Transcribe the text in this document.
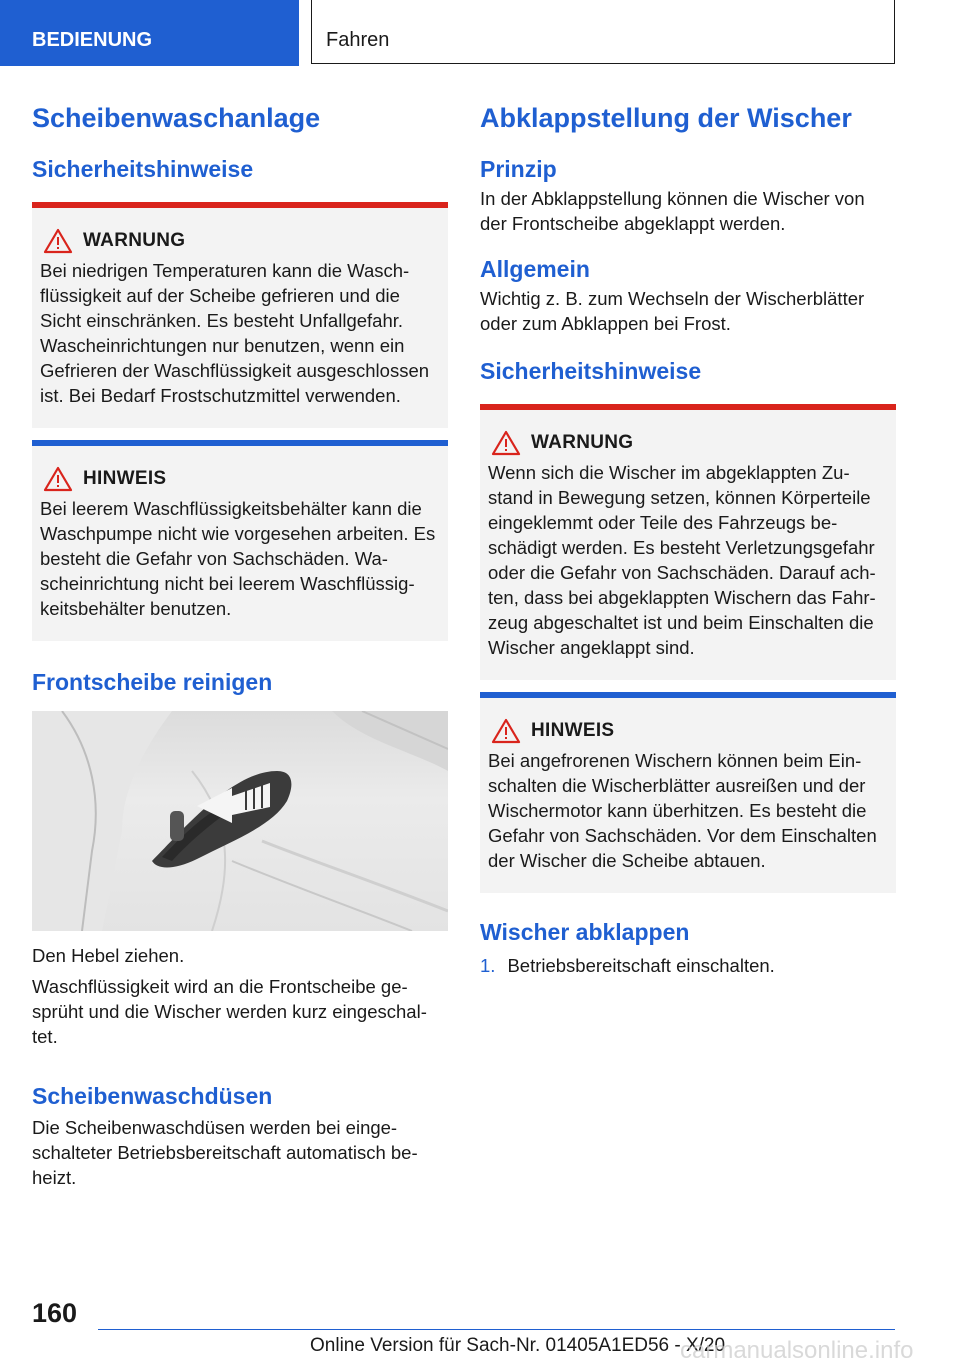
BEDIENUNG	Fahren
Scheibenwaschanlage
Sicherheitshinweise
WARNUNG

Bei niedrigen Temperaturen kann die Wasch-flüssigkeit auf der Scheibe gefrieren und die Sicht einschränken. Es besteht Unfallgefahr. Wascheinrichtungen nur benutzen, wenn ein Gefrieren der Waschflüssigkeit ausgeschlossen ist. Bei Bedarf Frostschutzmittel verwenden.

HINWEIS

Bei leerem Waschflüssigkeitsbehälter kann die Waschpumpe nicht wie vorgesehen arbeiten. Es besteht die Gefahr von Sachschäden. Wa-scheinrichtung nicht bei leerem Waschflüssig-keitsbehälter benutzen.

Frontscheibe reinigen

Den Hebel ziehen.

Waschflüssigkeit wird an die Frontscheibe ge-sprüht und die Wischer werden kurz eingeschal-tet.

Scheibenwaschdüsen

Die Scheibenwaschdüsen werden bei einge-schalteter Betriebsbereitschaft automatisch be-heizt.

Abklappstellung der Wischer
Prinzip

In der Abklappstellung können die Wischer von der Frontscheibe abgeklappt werden.

Allgemein

Wichtig z. B. zum Wechseln der Wischerblätter oder zum Abklappen bei Frost.

Sicherheitshinweise
WARNUNG

Wenn sich die Wischer im abgeklappten Zu-stand in Bewegung setzen, können Körperteile eingeklemmt oder Teile des Fahrzeugs be-schädigt werden. Es besteht Verletzungsgefahr oder die Gefahr von Sachschäden. Darauf ach-ten, dass bei abgeklappten Wischern das Fahr-zeug abgeschaltet ist und beim Einschalten die Wischer angeklappt sind.

HINWEIS

Bei angefrorenen Wischern können beim Ein-schalten die Wischerblätter ausreißen und der Wischermotor kann überhitzen. Es besteht die Gefahr von Sachschäden. Vor dem Einschalten der Wischer die Scheibe abtauen.

Wischer abklappen
1. Betriebsbereitschaft einschalten.
160
Online Version für Sach-Nr. 01405A1ED56 - X/20
carmanualsonline.info
